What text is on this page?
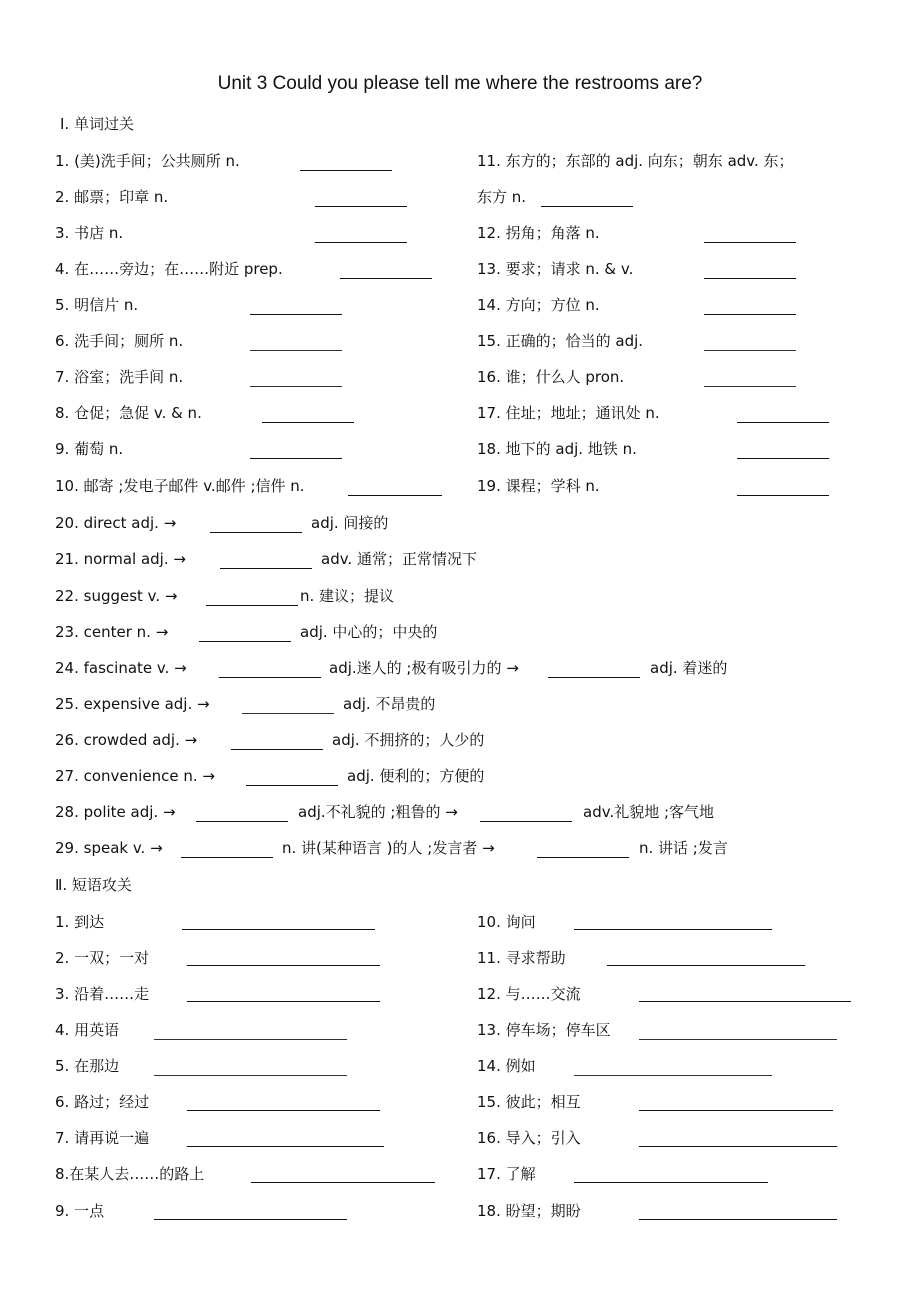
Unit 3 Could you please tell me where the restrooms are?
Ⅰ. 单词过关
1. (美)洗手间；公共厕所 n.
2. 邮票；印章 n.
3. 书店 n.
4. 在……旁边；在……附近 prep.
5. 明信片 n.
6. 洗手间；厕所 n.
7. 浴室；洗手间 n.
8. 仓促；急促 v. & n.
9. 葡萄 n.
10. 邮寄 ;发电子邮件 v.邮件 ;信件 n.
11. 东方的；东部的 adj. 向东；朝东 adv. 东；
东方 n.
12. 拐角；角落 n.
13. 要求；请求 n. & v.
14. 方向；方位 n.
15. 正确的；恰当的 adj.
16. 谁；什么人 pron.
17. 住址；地址；通讯处 n.
18. 地下的 adj. 地铁 n.
19. 课程；学科 n.
20. direct adj. →	adj. 间接的
21. normal adj. →	adv. 通常；正常情况下
22. suggest v. →	n. 建议；提议
23. center n. →	adj. 中心的；中央的
24. fascinate v. →	adj.迷人的 ;极有吸引力的 →	adj. 着迷的
25. expensive adj. →	adj. 不昂贵的
26. crowded adj. →	adj. 不拥挤的；人少的
27. convenience n. →	adj. 便利的；方便的
28. polite adj. →	adj.不礼貌的 ;粗鲁的 →	adv.礼貌地 ;客气地
29. speak v. →	n. 讲(某种语言 )的人 ;发言者 →	n. 讲话 ;发言
Ⅱ. 短语攻关
1. 到达
2. 一双；一对
3. 沿着……走
4. 用英语
5. 在那边
6. 路过；经过
7. 请再说一遍
8.在某人去……的路上
9. 一点
10. 询问
11. 寻求帮助
12. 与……交流
13. 停车场；停车区
14. 例如
15. 彼此；相互
16. 导入；引入
17. 了解
18. 盼望；期盼
